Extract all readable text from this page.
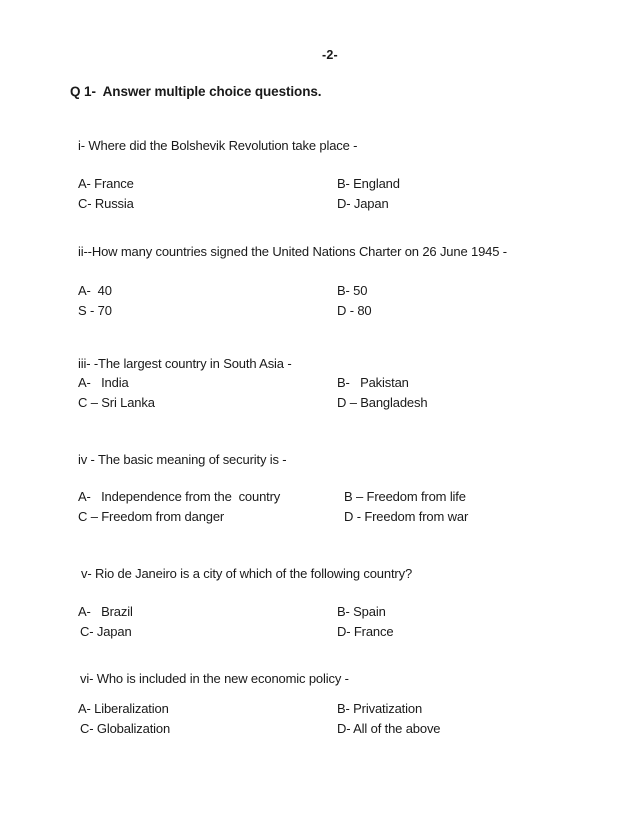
-2-
Q 1-  Answer multiple choice questions.
i- Where did the Bolshevik Revolution take place -
A- France	B- England
C- Russia	D- Japan
ii--How many countries signed the United Nations Charter on 26 June 1945 -
A-  40	B- 50
S - 70	D - 80
iii- -The largest country in South Asia -
A-   India	B-   Pakistan
C – Sri Lanka	D – Bangladesh
iv - The basic meaning of security is -
A-   Independence from the  country	B – Freedom from life
C – Freedom from danger	D - Freedom from war
v- Rio de Janeiro is a city of which of the following country?
A-   Brazil	B- Spain
C- Japan	D- France
vi- Who is included in the new economic policy -
A- Liberalization	B- Privatization
C- Globalization	D- All of the above
